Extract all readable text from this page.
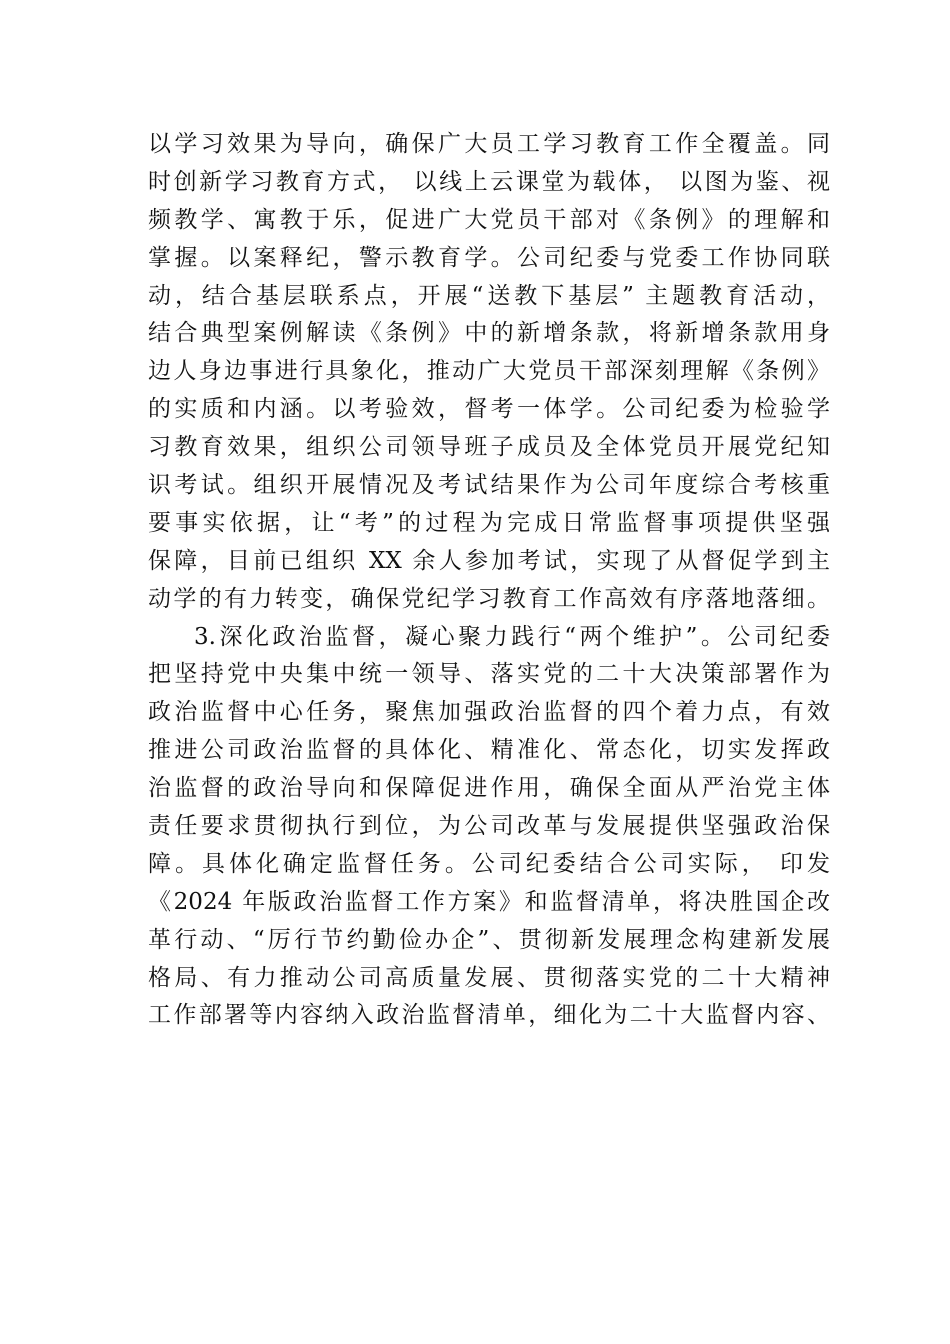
以学习效果为导向，确保广大员工学习教育工作全覆盖。同
时创新学习教育方式， 以线上云课堂为载体， 以图为鉴、视
频教学、寓教于乐，促进广大党员干部对《条例》的理解和
掌握。以案释纪，警示教育学。公司纪委与党委工作协同联
动，结合基层联系点，开展“送教下基层” 主题教育活动，
结合典型案例解读《条例》中的新增条款，将新增条款用身
边人身边事进行具象化，推动广大党员干部深刻理解《条例》
的实质和内涵。以考验效，督考一体学。公司纪委为检验学
习教育效果，组织公司领导班子成员及全体党员开展党纪知
识考试。组织开展情况及考试结果作为公司年度综合考核重
要事实依据，让“考”的过程为完成日常监督事项提供坚强
保障，目前已组织 XX 余人参加考试，实现了从督促学到主
动学的有力转变，确保党纪学习教育工作高效有序落地落细。
3.深化政治监督，凝心聚力践行“两个维护”。公司纪委
把坚持党中央集中统一领导、落实党的二十大决策部署作为
政治监督中心任务，聚焦加强政治监督的四个着力点，有效
推进公司政治监督的具体化、精准化、常态化，切实发挥政
治监督的政治导向和保障促进作用，确保全面从严治党主体
责任要求贯彻执行到位，为公司改革与发展提供坚强政治保
障。具体化确定监督任务。公司纪委结合公司实际， 印发
《2024 年版政治监督工作方案》和监督清单，将决胜国企改
革行动、“厉行节约勤俭办企”、贯彻新发展理念构建新发展
格局、有力推动公司高质量发展、贯彻落实党的二十大精神
工作部署等内容纳入政治监督清单，细化为二十大监督内容、
